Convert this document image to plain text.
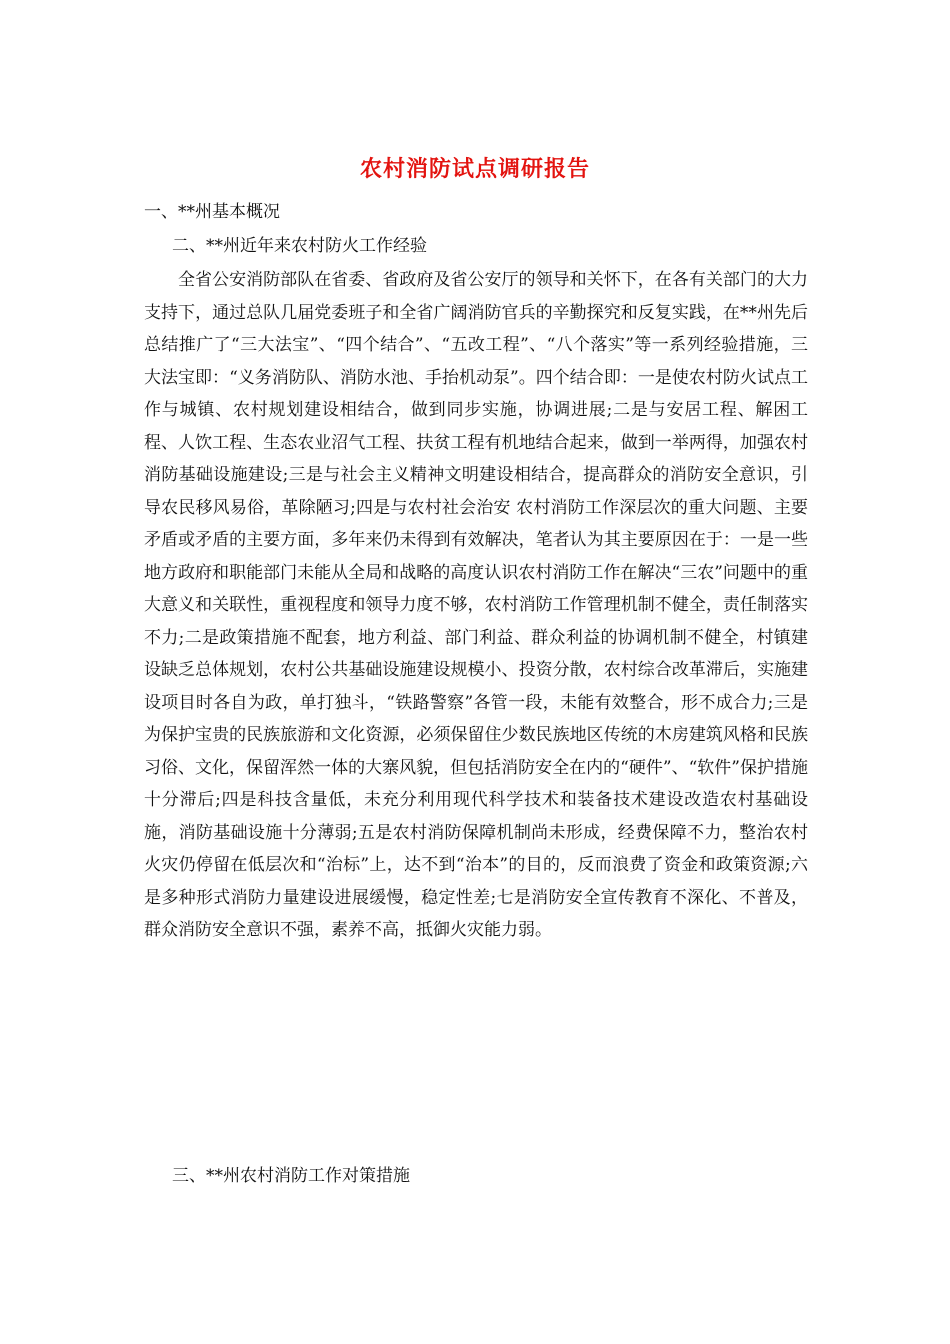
农村消防试点调研报告
一、**州基本概况
二、**州近年来农村防火工作经验
全省公安消防部队在省委、省政府及省公安厅的领导和关怀下，在各有关部门的大力支持下，通过总队几届党委班子和全省广阔消防官兵的辛勤探究和反复实践，在**州先后总结推广了“三大法宝”、“四个结合”、“五改工程”、“八个落实”等一系列经验措施，三大法宝即：“义务消防队、消防水池、手抬机动泵”。四个结合即：一是使农村防火试点工作与城镇、农村规划建设相结合，做到同步实施，协调进展;二是与安居工程、解困工程、人饮工程、生态农业沼气工程、扶贫工程有机地结合起来，做到一举两得，加强农村消防基础设施建设;三是与社会主义精神文明建设相结合，提高群众的消防安全意识，引导农民移风易俗，革除陋习;四是与农村社会治安 农村消防工作深层次的重大问题、主要矛盾或矛盾的主要方面，多年来仍未得到有效解决，笔者认为其主要原因在于：一是一些地方政府和职能部门未能从全局和战略的高度认识农村消防工作在解决“三农”问题中的重大意义和关联性，重视程度和领导力度不够，农村消防工作管理机制不健全，责任制落实不力;二是政策措施不配套，地方利益、部门利益、群众利益的协调机制不健全，村镇建设缺乏总体规划，农村公共基础设施建设规模小、投资分散，农村综合改革滞后，实施建设项目时各自为政，单打独斗，“铁路警察”各管一段，未能有效整合，形不成合力;三是为保护宝贵的民族旅游和文化资源，必须保留住少数民族地区传统的木房建筑风格和民族习俗、文化，保留浑然一体的大寨风貌，但包括消防安全在内的“硬件”、“软件”保护措施十分滞后;四是科技含量低，未充分利用现代科学技术和装备技术建设改造农村基础设施，消防基础设施十分薄弱;五是农村消防保障机制尚未形成，经费保障不力，整治农村火灾仍停留在低层次和“治标”上，达不到“治本”的目的，反而浪费了资金和政策资源;六是多种形式消防力量建设进展缓慢，稳定性差;七是消防安全宣传教育不深化、不普及，群众消防安全意识不强，素养不高，抵御火灾能力弱。
三、**州农村消防工作对策措施
